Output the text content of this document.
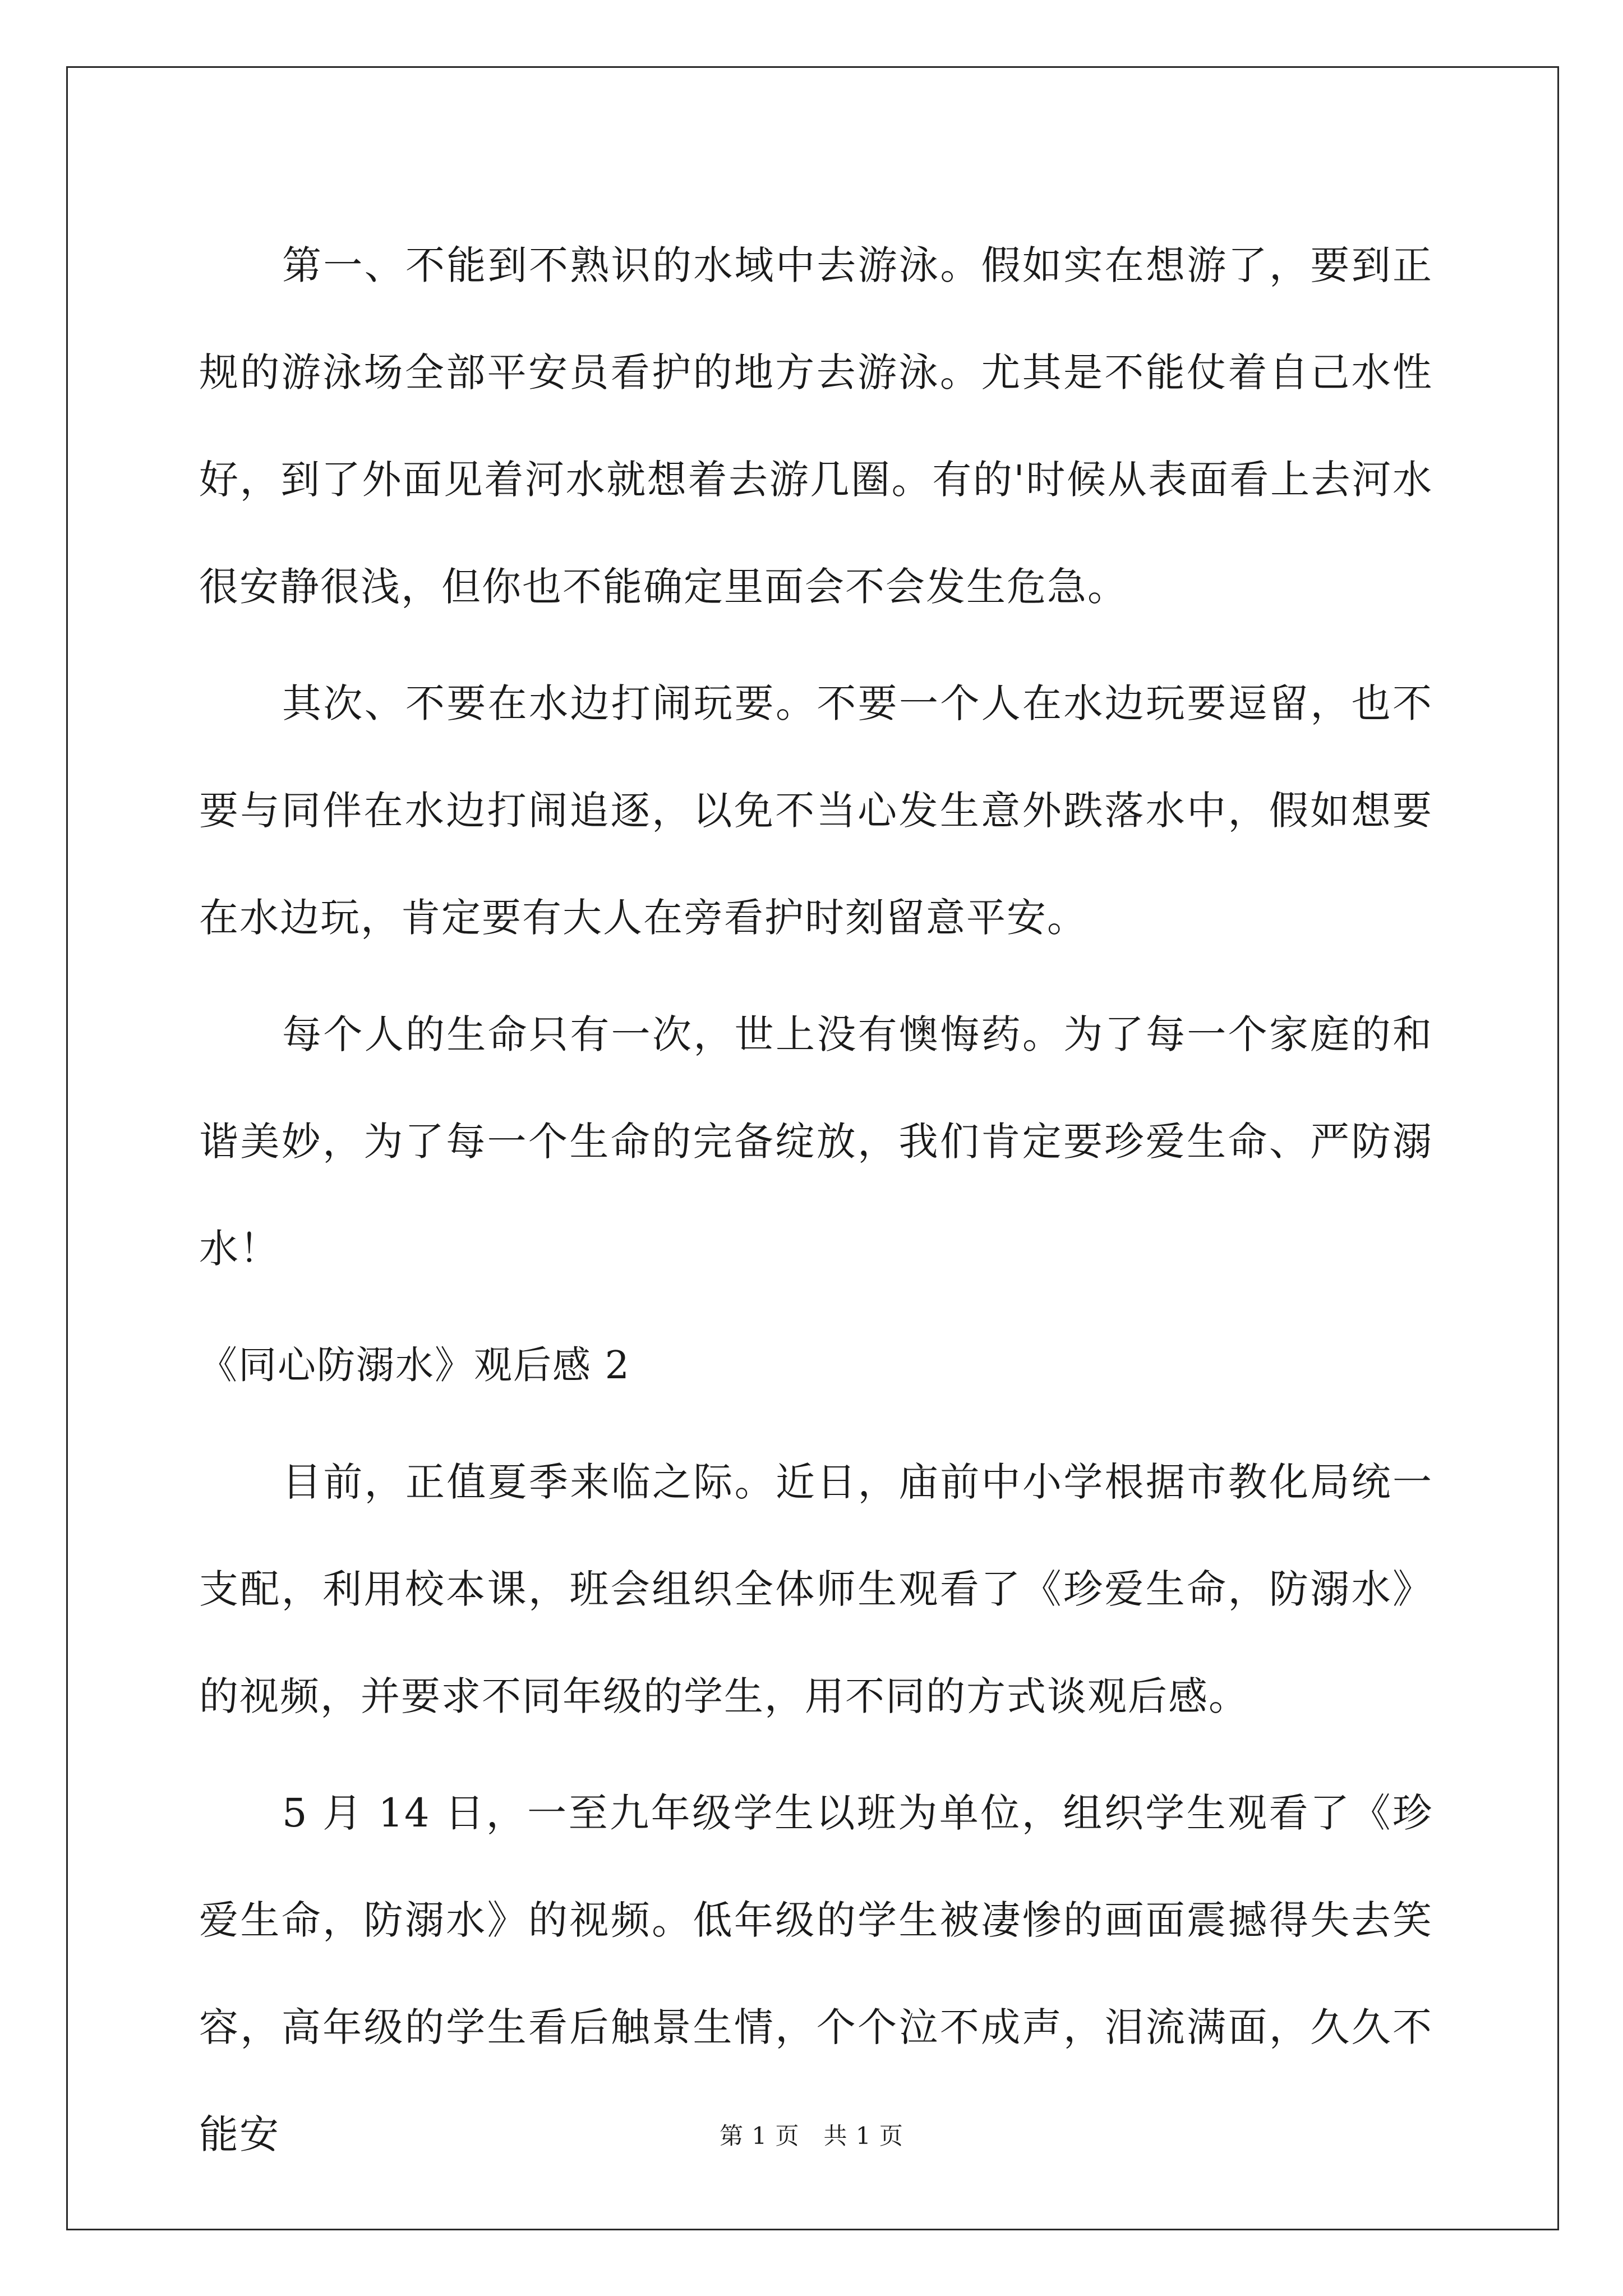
第一、不能到不熟识的水域中去游泳。假如实在想游了，要到正规的游泳场全部平安员看护的地方去游泳。尤其是不能仗着自己水性好，到了外面见着河水就想着去游几圈。有的'时候从表面看上去河水很安静很浅，但你也不能确定里面会不会发生危急。

其次、不要在水边打闹玩要。不要一个人在水边玩要逗留，也不要与同伴在水边打闹追逐，以免不当心发生意外跌落水中，假如想要在水边玩，肯定要有大人在旁看护时刻留意平安。

每个人的生命只有一次，世上没有懊悔药。为了每一个家庭的和谐美妙，为了每一个生命的完备绽放，我们肯定要珍爱生命、严防溺水！

《同心防溺水》观后感 2

目前，正值夏季来临之际。近日，庙前中小学根据市教化局统一支配，利用校本课，班会组织全体师生观看了《珍爱生命，防溺水》的视频，并要求不同年级的学生，用不同的方式谈观后感。

5 月 14 日，一至九年级学生以班为单位，组织学生观看了《珍爱生命，防溺水》的视频。低年级的学生被凄惨的画面震撼得失去笑容，高年级的学生看后触景生情，个个泣不成声，泪流满面，久久不能安	第 1 页　共 1 页
